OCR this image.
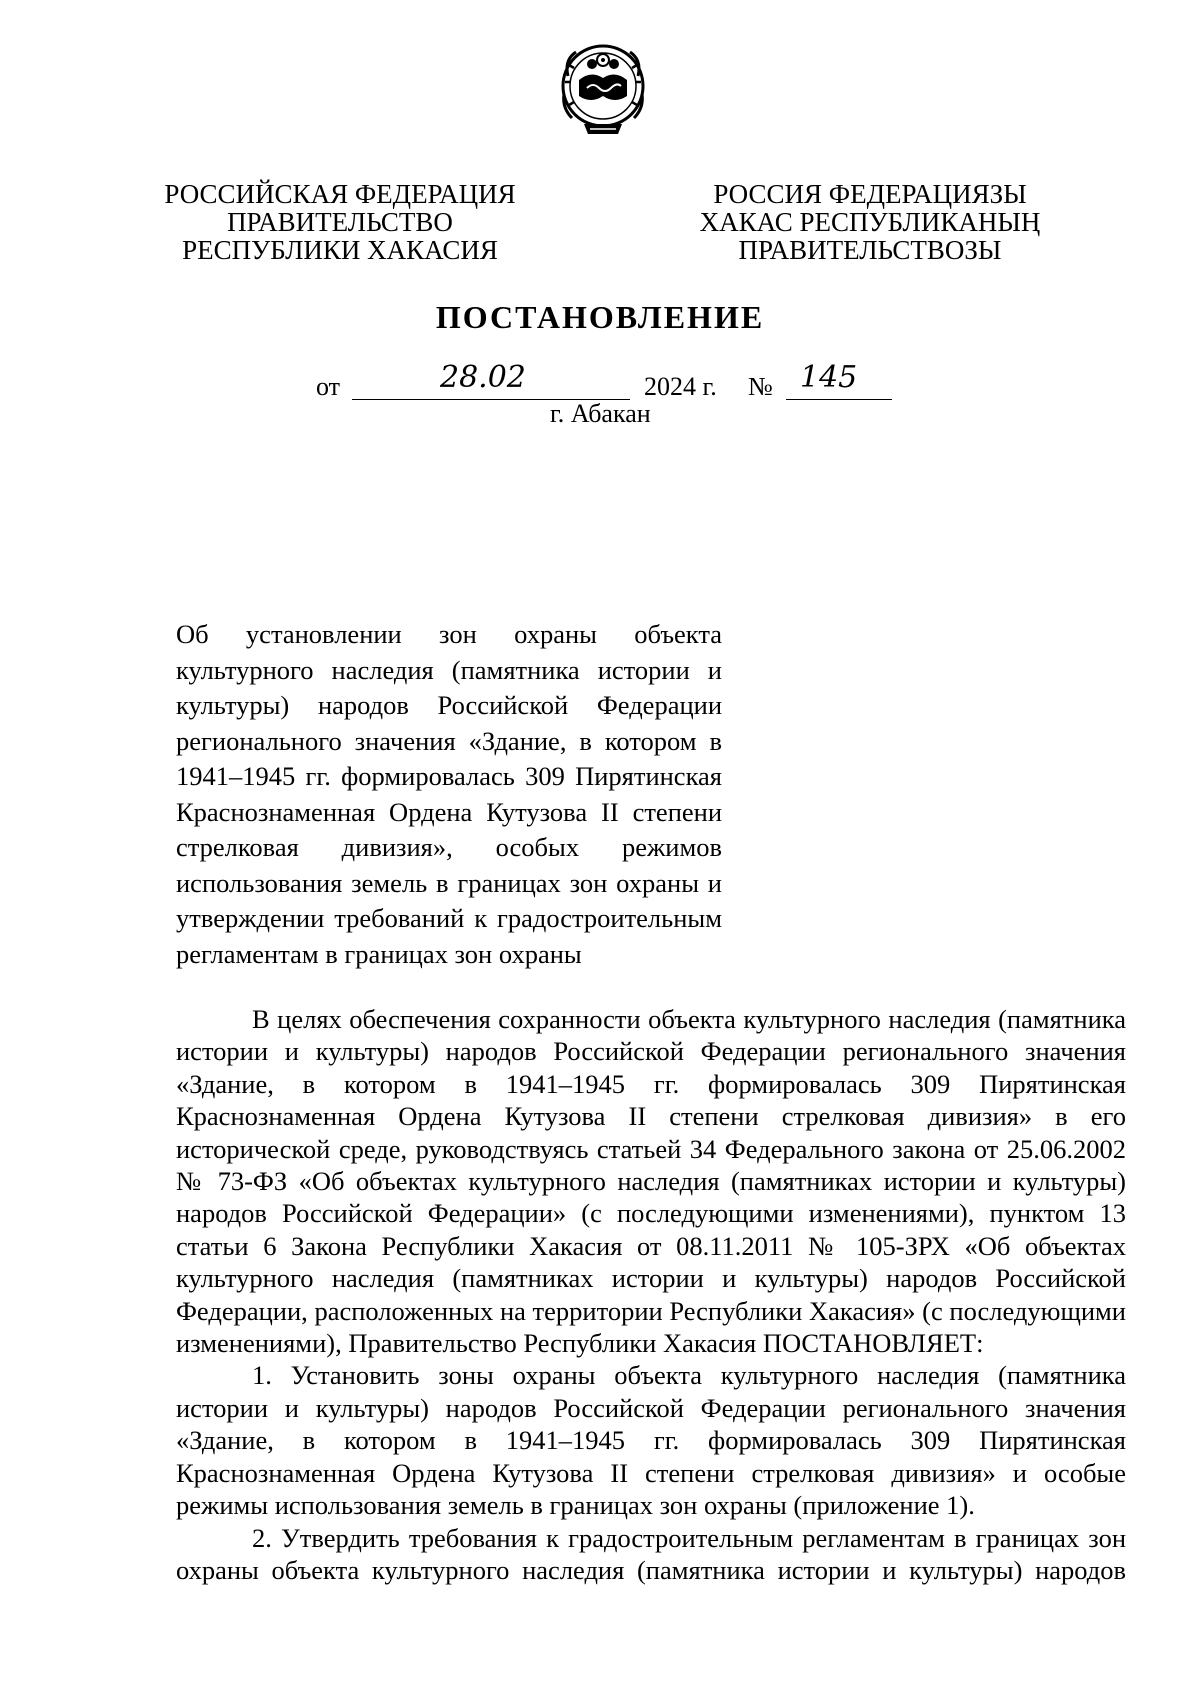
РОССИЙСКАЯ ФЕДЕРАЦИЯ
ПРАВИТЕЛЬСТВО
РЕСПУБЛИКИ ХАКАСИЯ
РОССИЯ ФЕДЕРАЦИЯЗЫ
ХАКАС РЕСПУБЛИКАНЫҢ
ПРАВИТЕЛЬСТВОЗЫ
ПОСТАНОВЛЕНИЕ
от	28.02	2024 г. № 145
г. Абакан
Об установлении зон охраны объекта
культурного наследия (памятника истории и
культуры) народов Российской Федерации
регионального значения «Здание, в котором в
1941–1945 гг. формировалась 309 Пирятинская
Краснознаменная Ордена Кутузова II степени
стрелковая дивизия», особых режимов
использования земель в границах зон охраны и
утверждении требований к градостроительным
регламентам в границах зон охраны
В целях обеспечения сохранности объекта культурного наследия (памятника
истории и культуры) народов Российской Федерации регионального значения
«Здание, в котором в 1941–1945 гг. формировалась 309 Пирятинская
Краснознаменная Ордена Кутузова II степени стрелковая дивизия» в его
исторической среде, руководствуясь статьей 34 Федерального закона от 25.06.2002
№ 73-ФЗ «Об объектах культурного наследия (памятниках истории и культуры)
народов Российской Федерации» (с последующими изменениями), пунктом 13
статьи 6 Закона Республики Хакасия от 08.11.2011 № 105-ЗРХ «Об объектах
культурного наследия (памятниках истории и культуры) народов Российской
Федерации, расположенных на территории Республики Хакасия» (с последующими
изменениями), Правительство Республики Хакасия ПОСТАНОВЛЯЕТ:
1. Установить зоны охраны объекта культурного наследия (памятника
истории и культуры) народов Российской Федерации регионального значения
«Здание, в котором в 1941–1945 гг. формировалась 309 Пирятинская
Краснознаменная Ордена Кутузова II степени стрелковая дивизия» и особые
режимы использования земель в границах зон охраны (приложение 1).
2. Утвердить требования к градостроительным регламентам в границах зон
охраны объекта культурного наследия (памятника истории и культуры) народов
